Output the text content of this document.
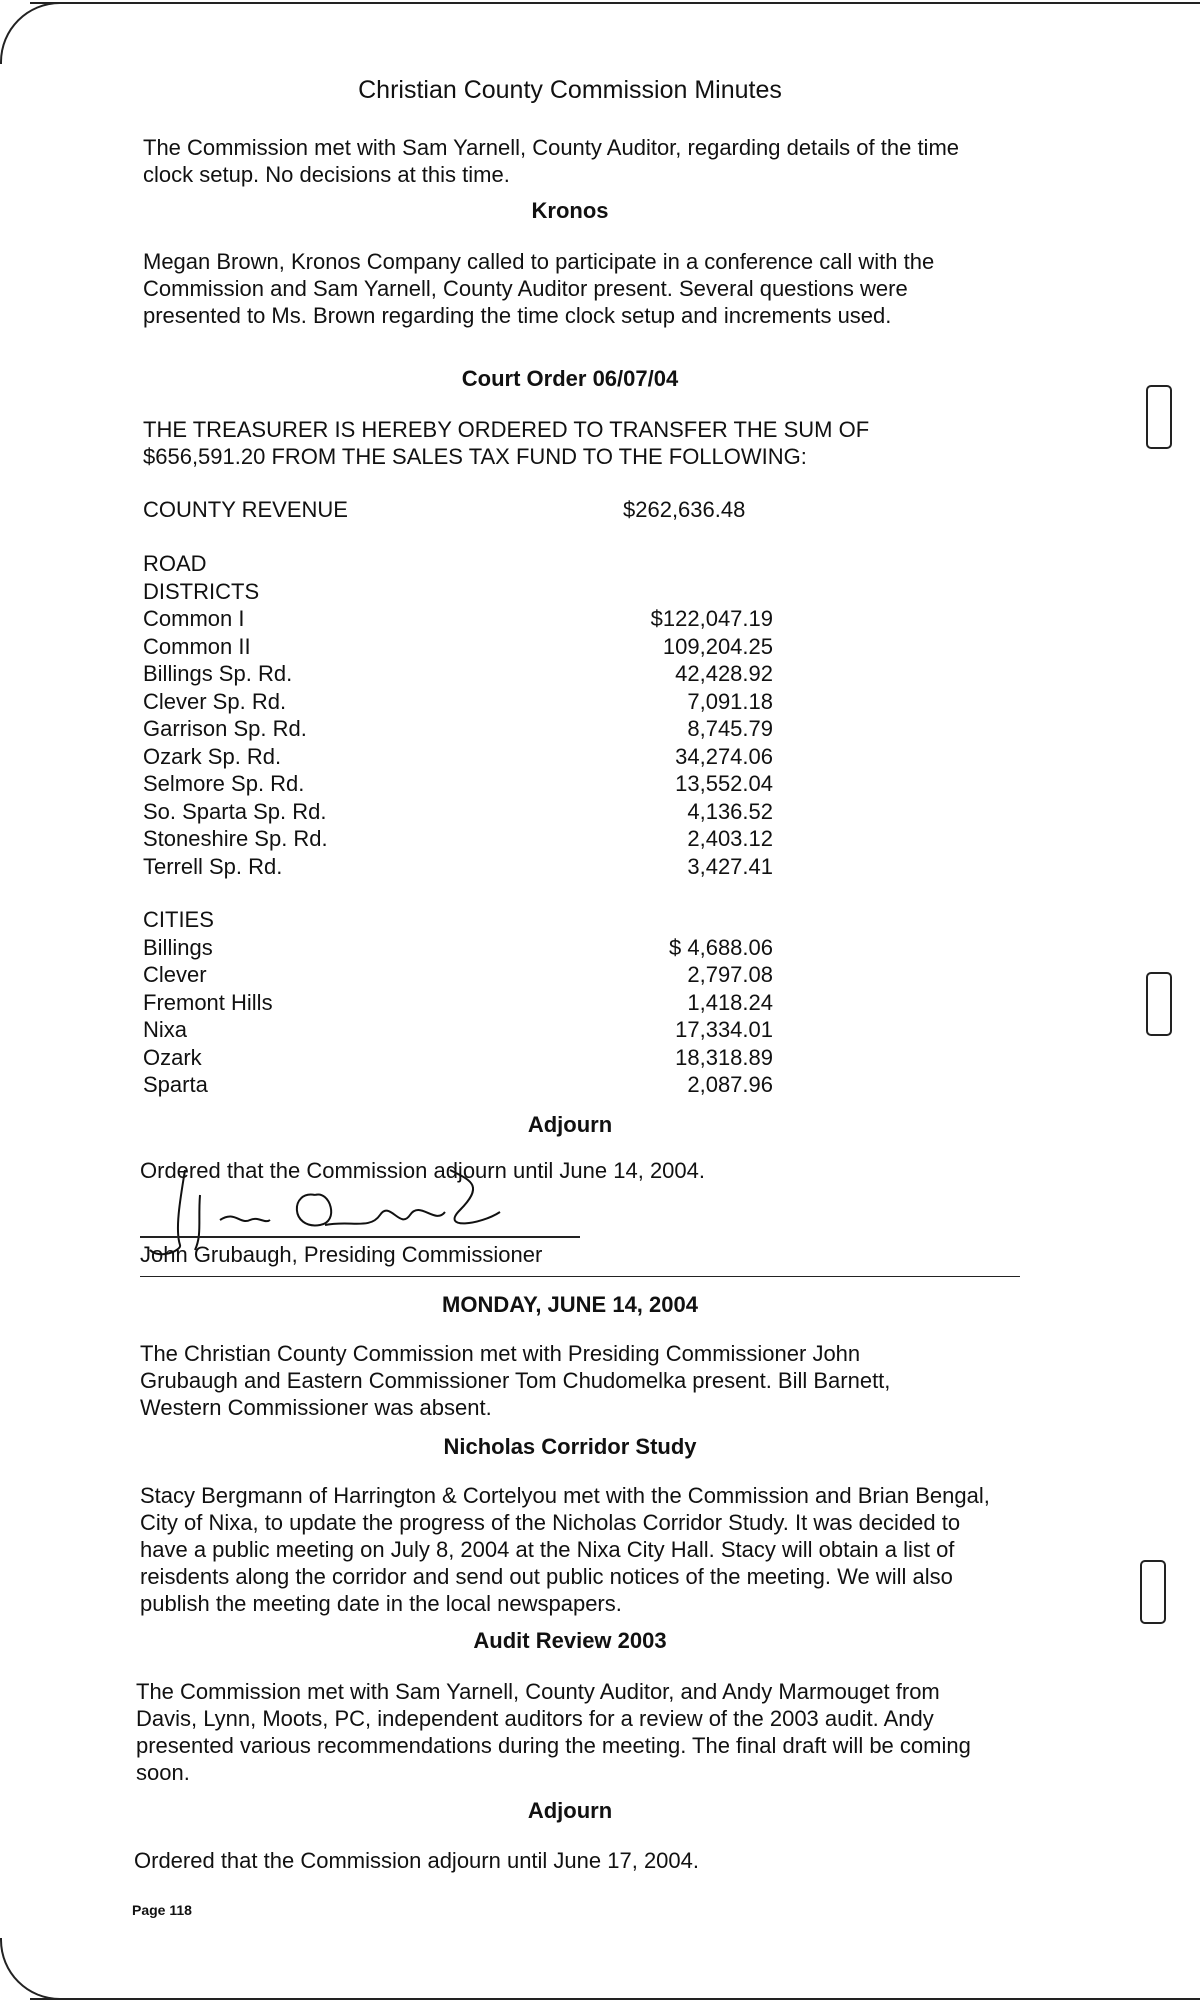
Christian County Commission Minutes
The Commission met with Sam Yarnell, County Auditor, regarding details of the time clock setup. No decisions at this time.
Kronos
Megan Brown, Kronos Company called to participate in a conference call with the Commission and Sam Yarnell, County Auditor present. Several questions were presented to Ms. Brown regarding the time clock setup and increments used.
Court Order 06/07/04
THE TREASURER IS HEREBY ORDERED TO TRANSFER THE SUM OF $656,591.20 FROM THE SALES TAX FUND TO THE FOLLOWING:
COUNTY REVENUE	$262,636.48
ROAD
DISTRICTS
Common I	$122,047.19
Common II	109,204.25
Billings Sp. Rd.	42,428.92
Clever Sp. Rd.	7,091.18
Garrison Sp. Rd.	8,745.79
Ozark Sp. Rd.	34,274.06
Selmore Sp. Rd.	13,552.04
So. Sparta Sp. Rd.	4,136.52
Stoneshire Sp. Rd.	2,403.12
Terrell Sp. Rd.	3,427.41
CITIES
Billings	$ 4,688.06
Clever	2,797.08
Fremont Hills	1,418.24
Nixa	17,334.01
Ozark	18,318.89
Sparta	2,087.96
Adjourn
Ordered that the Commission adjourn until June 14, 2004.
John Grubaugh, Presiding Commissioner
MONDAY, JUNE 14, 2004
The Christian County Commission met with Presiding Commissioner John Grubaugh and Eastern Commissioner Tom Chudomelka present. Bill Barnett, Western Commissioner was absent.
Nicholas Corridor Study
Stacy Bergmann of Harrington & Cortelyou met with the Commission and Brian Bengal, City of Nixa, to update the progress of the Nicholas Corridor Study. It was decided to have a public meeting on July 8, 2004 at the Nixa City Hall. Stacy will obtain a list of reisdents along the corridor and send out public notices of the meeting. We will also publish the meeting date in the local newspapers.
Audit Review 2003
The Commission met with Sam Yarnell, County Auditor, and Andy Marmouget from Davis, Lynn, Moots, PC, independent auditors for a review of the 2003 audit. Andy presented various recommendations during the meeting. The final draft will be coming soon.
Adjourn
Ordered that the Commission adjourn until June 17, 2004.
Page 118
